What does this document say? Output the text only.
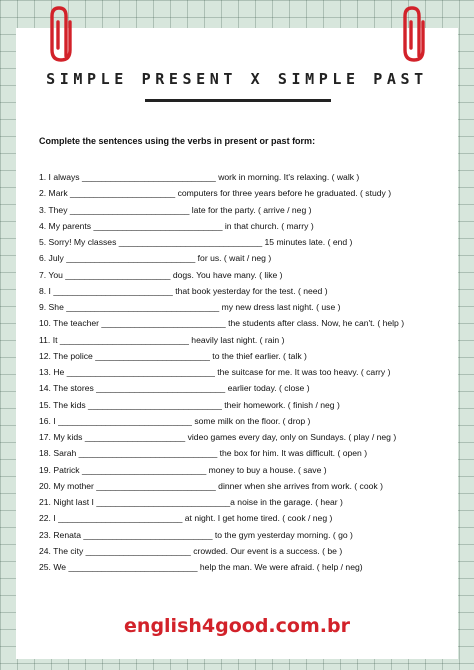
SIMPLE PRESENT X SIMPLE PAST
Complete the sentences using the verbs in present or past form:
1. I always ____________________________ work in morning. It's relaxing. ( walk )
2. Mark ______________________ computers for three years before he graduated. ( study )
3. They _________________________ late for the party. ( arrive / neg )
4. My parents ___________________________ in that church. ( marry )
5. Sorry! My classes ______________________________ 15 minutes late. ( end )
6. July ___________________________ for us. ( wait / neg )
7. You ______________________ dogs. You have many. ( like )
8. I _________________________ that book yesterday for the test. ( need )
9. She ________________________________ my new dress last night. ( use )
10. The teacher __________________________ the students after class. Now, he can't. ( help )
11. It ___________________________ heavily last night. ( rain )
12. The police ________________________ to the thief earlier. ( talk )
13. He _______________________________ the suitcase for me. It was too heavy. ( carry )
14. The stores ___________________________ earlier today. ( close )
15. The kids ____________________________ their homework. ( finish / neg )
16. I ____________________________ some milk on the floor. ( drop )
17. My kids _____________________ video games every day, only on Sundays. ( play / neg )
18. Sarah _____________________________ the box for him. It was difficult. ( open )
19. Patrick __________________________ money to buy a house. ( save )
20. My mother _________________________ dinner when she arrives from work. ( cook )
21. Night last I ____________________________a noise in the garage. ( hear )
22. I __________________________ at night. I get home tired. ( cook / neg )
23. Renata ___________________________ to the gym yesterday morning. ( go )
24. The city ______________________ crowded. Our event is a success. ( be )
25. We ___________________________ help the man. We were afraid. ( help / neg)
english4good.com.br
